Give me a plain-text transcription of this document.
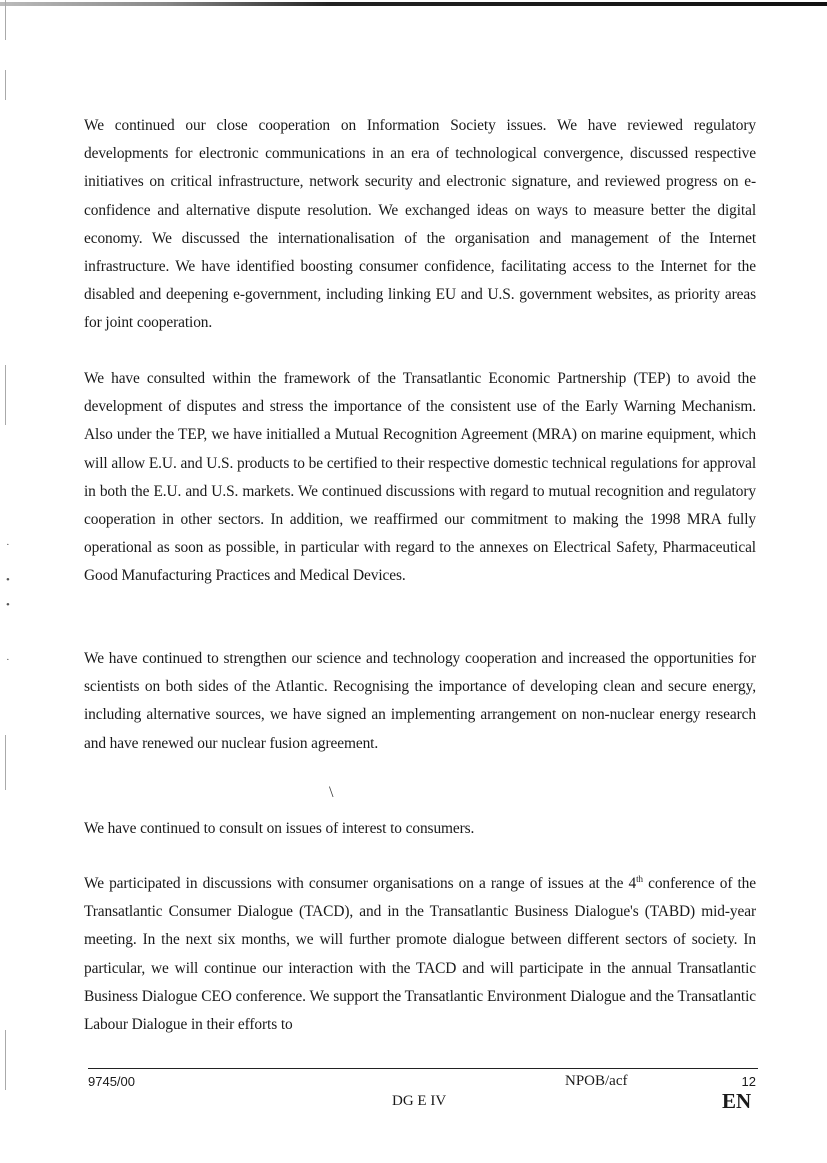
·
•
•
·

We continued our close cooperation on Information Society issues. We have reviewed regulatory developments for electronic communications in an era of technological convergence, discussed respective initiatives on critical infrastructure, network security and electronic signature, and reviewed progress on e-confidence and alternative dispute resolution. We exchanged ideas on ways to measure better the digital economy. We discussed the internationalisation of the organisation and management of the Internet infrastructure. We have identified boosting consumer confidence, facilitating access to the Internet for the disabled and deepening e-government, including linking EU and U.S. government websites, as priority areas for joint cooperation.

We have consulted within the framework of the Transatlantic Economic Partnership (TEP) to avoid the development of disputes and stress the importance of the consistent use of the Early Warning Mechanism. Also under the TEP, we have initialled a Mutual Recognition Agreement (MRA) on marine equipment, which will allow E.U. and U.S. products to be certified to their respective domestic technical regulations for approval in both the E.U. and U.S. markets. We continued discussions with regard to mutual recognition and regulatory cooperation in other sectors. In addition, we reaffirmed our commitment to making the 1998 MRA fully operational as soon as possible, in particular with regard to the annexes on Electrical Safety, Pharmaceutical Good Manufacturing Practices and Medical Devices.

We have continued to strengthen our science and technology cooperation and increased the opportunities for scientists on both sides of the Atlantic. Recognising the importance of developing clean and secure energy, including alternative sources, we have signed an implementing arrangement on non-nuclear energy research and have renewed our nuclear fusion agreement.

\

We have continued to consult on issues of interest to consumers.

We participated in discussions with consumer organisations on a range of issues at the 4th conference of the Transatlantic Consumer Dialogue (TACD), and in the Transatlantic Business Dialogue's (TABD) mid-year meeting. In the next six months, we will further promote dialogue between different sectors of society. In particular, we will continue our interaction with the TACD and will participate in the annual Transatlantic Business Dialogue CEO conference. We support the Transatlantic Environment Dialogue and the Transatlantic Labour Dialogue in their efforts to

9745/00	NPOB/acf	12
DG E IV	EN
